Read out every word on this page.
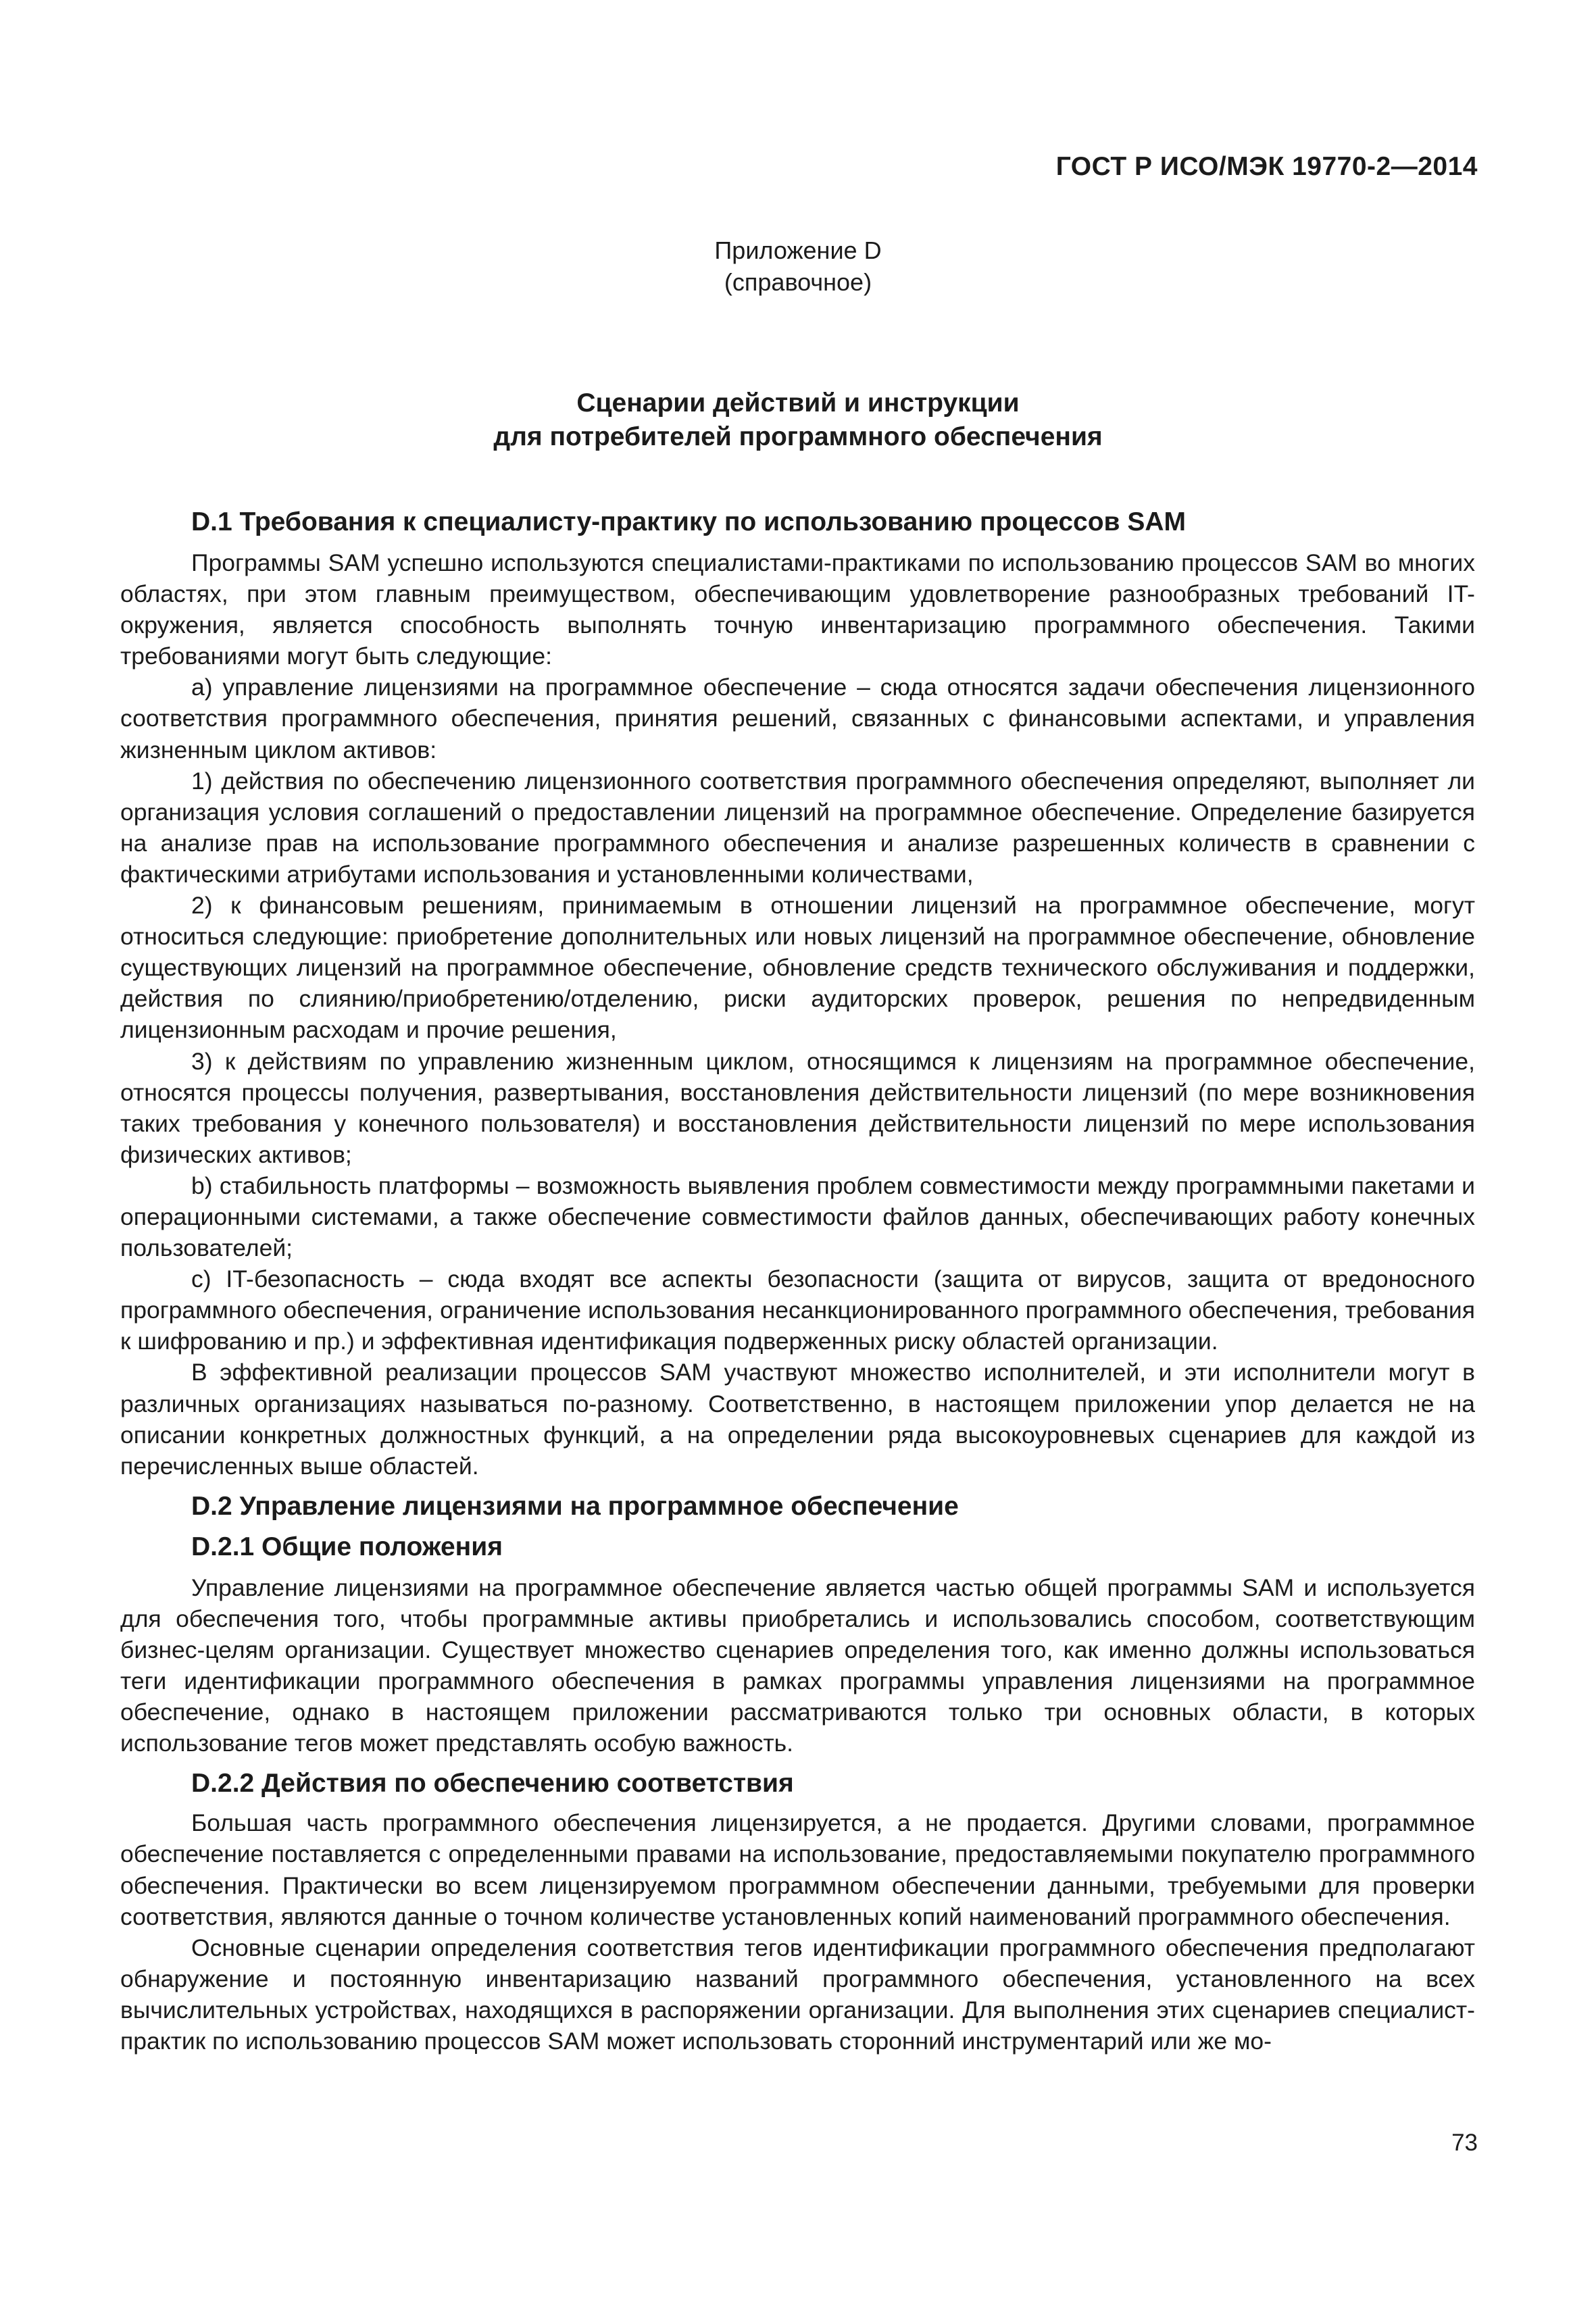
ГОСТ Р ИСО/МЭК 19770-2—2014
Приложение D
(справочное)
Сценарии действий и инструкции
для потребителей программного обеспечения
D.1 Требования к специалисту-практику по использованию процессов SAM

Программы SAM успешно используются специалистами-практиками по использованию процессов SAM во многих областях, при этом главным преимуществом, обеспечивающим удовлетворение разнообразных требований IT-окружения, является способность выполнять точную инвентаризацию программного обеспечения. Такими требованиями могут быть следующие:

а) управление лицензиями на программное обеспечение – сюда относятся задачи обеспечения лицензионного соответствия программного обеспечения, принятия решений, связанных с финансовыми аспектами, и управления жизненным циклом активов:

1) действия по обеспечению лицензионного соответствия программного обеспечения определяют, выполняет ли организация условия соглашений о предоставлении лицензий на программное обеспечение. Определение базируется на анализе прав на использование программного обеспечения и анализе разрешенных количеств в сравнении с фактическими атрибутами использования и установленными количествами,

2) к финансовым решениям, принимаемым в отношении лицензий на программное обеспечение, могут относиться следующие: приобретение дополнительных или новых лицензий на программное обеспечение, обновление существующих лицензий на программное обеспечение, обновление средств технического обслуживания и поддержки, действия по слиянию/приобретению/отделению, риски аудиторских проверок, решения по непредвиденным лицензионным расходам и прочие решения,

3) к действиям по управлению жизненным циклом, относящимся к лицензиям на программное обеспечение, относятся процессы получения, развертывания, восстановления действительности лицензий (по мере возникновения таких требования у конечного пользователя) и восстановления действительности лицензий по мере использования физических активов;

b) стабильность платформы – возможность выявления проблем совместимости между программными пакетами и операционными системами, а также обеспечение совместимости файлов данных, обеспечивающих работу конечных пользователей;

c) IT-безопасность – сюда входят все аспекты безопасности (защита от вирусов, защита от вредоносного программного обеспечения, ограничение использования несанкционированного программного обеспечения, требования к шифрованию и пр.) и эффективная идентификация подверженных риску областей организации.

В эффективной реализации процессов SAM участвуют множество исполнителей, и эти исполнители могут в различных организациях называться по-разному. Соответственно, в настоящем приложении упор делается не на описании конкретных должностных функций, а на определении ряда высокоуровневых сценариев для каждой из перечисленных выше областей.

D.2 Управление лицензиями на программное обеспечение
D.2.1 Общие положения

Управление лицензиями на программное обеспечение является частью общей программы SAM и используется для обеспечения того, чтобы программные активы приобретались и использовались способом, соответствующим бизнес-целям организации. Существует множество сценариев определения того, как именно должны использоваться теги идентификации программного обеспечения в рамках программы управления лицензиями на программное обеспечение, однако в настоящем приложении рассматриваются только три основных области, в которых использование тегов может представлять особую важность.

D.2.2 Действия по обеспечению соответствия

Большая часть программного обеспечения лицензируется, а не продается. Другими словами, программное обеспечение поставляется с определенными правами на использование, предоставляемыми покупателю программного обеспечения. Практически во всем лицензируемом программном обеспечении данными, требуемыми для проверки соответствия, являются данные о точном количестве установленных копий наименований программного обеспечения.

Основные сценарии определения соответствия тегов идентификации программного обеспечения предполагают обнаружение и постоянную инвентаризацию названий программного обеспечения, установленного на всех вычислительных устройствах, находящихся в распоряжении организации. Для выполнения этих сценариев специалист-практик по использованию процессов SAM может использовать сторонний инструментарий или же мо-

73
